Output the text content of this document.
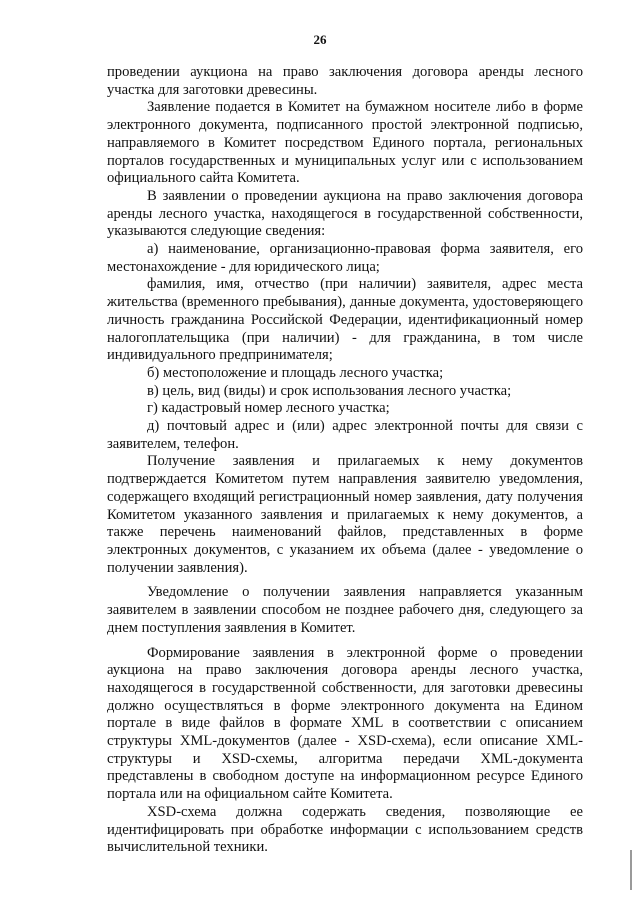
26

проведении аукциона на право заключения договора аренды лесного участка для заготовки древесины.

Заявление подается в Комитет на бумажном носителе либо в форме электронного документа, подписанного простой электронной подписью, направляемого в Комитет посредством Единого портала, региональных порталов государственных и муниципальных услуг или с использованием официального сайта Комитета.

В заявлении о проведении аукциона на право заключения договора аренды лесного участка, находящегося в государственной собственности, указываются следующие сведения:

а) наименование, организационно-правовая форма заявителя, его местонахождение - для юридического лица;

фамилия, имя, отчество (при наличии) заявителя, адрес места жительства (временного пребывания), данные документа, удостоверяющего личность гражданина Российской Федерации, идентификационный номер налогоплательщика (при наличии) - для гражданина, в том числе индивидуального предпринимателя;

б) местоположение и площадь лесного участка;

в) цель, вид (виды) и срок использования лесного участка;

г) кадастровый номер лесного участка;

д) почтовый адрес и (или) адрес электронной почты для связи с заявителем, телефон.

Получение заявления и прилагаемых к нему документов подтверждается Комитетом путем направления заявителю уведомления, содержащего входящий регистрационный номер заявления, дату получения Комитетом указанного заявления и прилагаемых к нему документов, а также перечень наименований файлов, представленных в форме электронных документов, с указанием их объема (далее - уведомление о получении заявления).

Уведомление о получении заявления направляется указанным заявителем в заявлении способом не позднее рабочего дня, следующего за днем поступления заявления в Комитет.

Формирование заявления в электронной форме о проведении аукциона на право заключения договора аренды лесного участка, находящегося в государственной собственности, для заготовки древесины должно осуществляться в форме электронного документа на Едином портале в виде файлов в формате XML в соответствии с описанием структуры XML-документов (далее - XSD-схема), если описание XML-структуры и XSD-схемы, алгоритма передачи XML-документа представлены в свободном доступе на информационном ресурсе Единого портала или на официальном сайте Комитета.

XSD-схема должна содержать сведения, позволяющие ее идентифицировать при обработке информации с использованием средств вычислительной техники.
